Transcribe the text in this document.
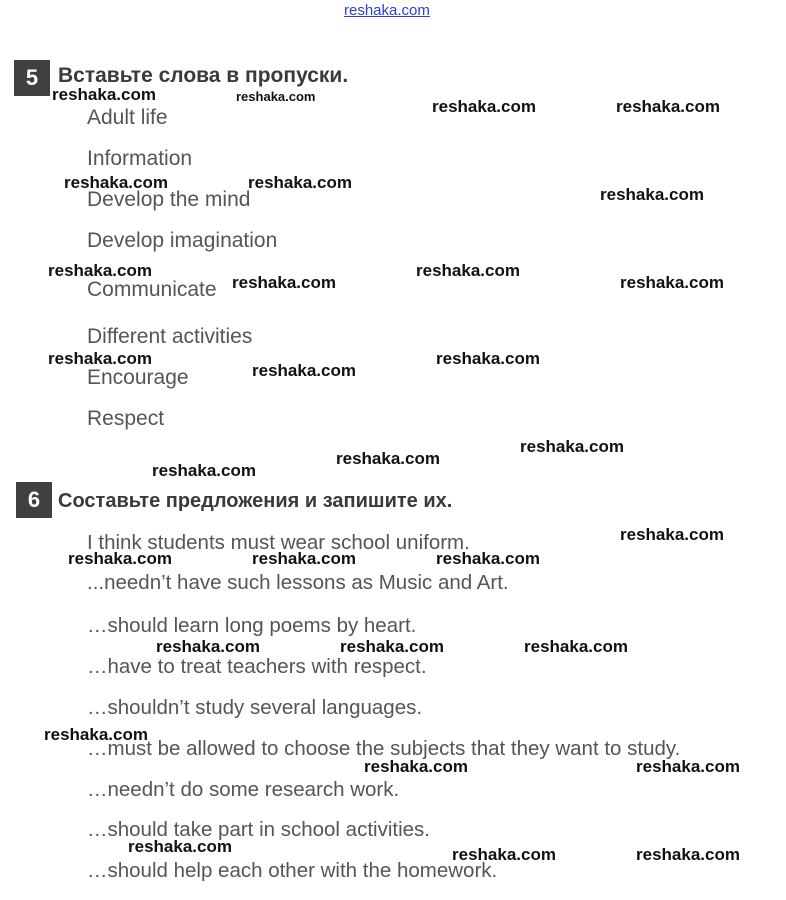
reshaka.com
5 Вставьте слова в пропуски.
Adult life
Information
Develop the mind
Develop imagination
Communicate
Different activities
Encourage
Respect
6 Составьте предложения и запишите их.
I think students must wear school uniform.
...needn’t have such lessons as Music and Art.
…should learn long poems by heart.
…have to treat teachers with respect.
…shouldn’t study several languages.
…must be allowed to choose the subjects that they want to study.
…needn’t do some research work.
…should take part in school activities.
…should help each other with the homework.
reshaka.com	reshaka.com
reshaka.com	reshaka.com
reshaka.com	reshaka.com
reshaka.com
reshaka.com	reshaka.com
reshaka.com	reshaka.com
reshaka.com	reshaka.com
reshaka.com
reshaka.com
reshaka.com
reshaka.com
reshaka.com
reshaka.com	reshaka.com	reshaka.com
reshaka.com	reshaka.com	reshaka.com
reshaka.com
reshaka.com	reshaka.com
reshaka.com	reshaka.com	reshaka.com
